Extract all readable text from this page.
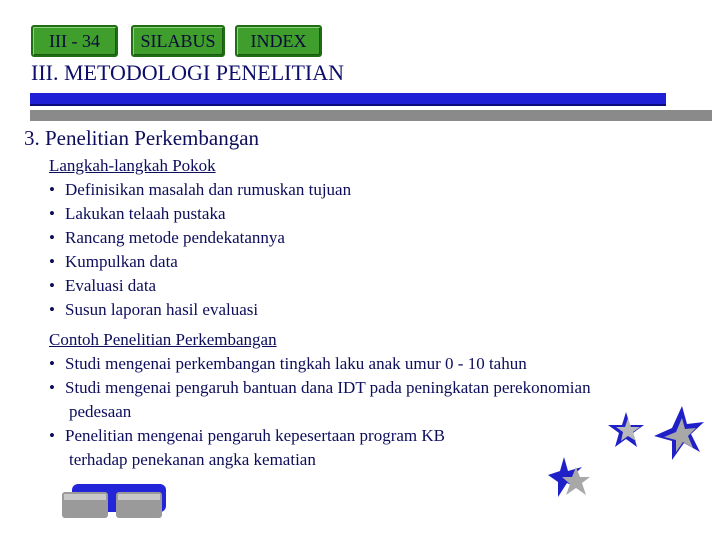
III - 34 SILABUS INDEX
III. METODOLOGI PENELITIAN
3. Penelitian Perkembangan
Langkah-langkah Pokok
• Definisikan masalah dan rumuskan tujuan
• Lakukan telaah pustaka
• Rancang metode pendekatannya
• Kumpulkan data
• Evaluasi data
• Susun laporan hasil evaluasi
Contoh Penelitian Perkembangan
• Studi mengenai perkembangan tingkah laku anak umur 0 - 10 tahun
• Studi mengenai pengaruh bantuan dana IDT pada peningkatan perekonomian
pedesaan
• Penelitian mengenai pengaruh kepesertaan program KB
terhadap penekanan angka kematian
